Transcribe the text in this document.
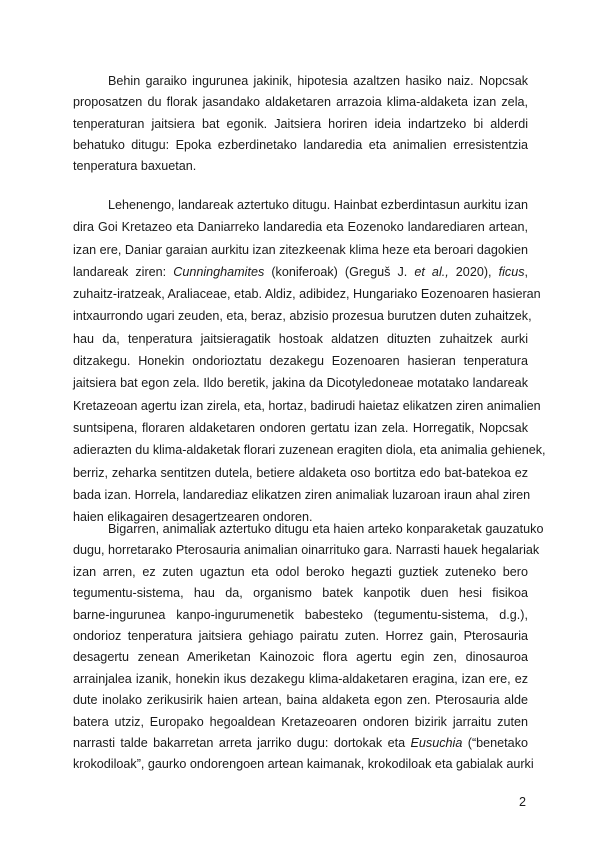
Behin garaiko ingurunea jakinik, hipotesia azaltzen hasiko naiz. Nopcsak
proposatzen du florak jasandako aldaketaren arrazoia klima-aldaketa izan zela,
tenperaturan jaitsiera bat egonik. Jaitsiera horiren ideia indartzeko bi alderdi
behatuko ditugu: Epoka ezberdinetako landaredia eta animalien erresistentzia
tenperatura baxuetan.
Lehenengo, landareak aztertuko ditugu. Hainbat ezberdintasun aurkitu izan
dira Goi Kretazeo eta Daniarreko landaredia eta Eozenoko landarediaren artean,
izan ere, Daniar garaian aurkitu izan zitezkeenak klima heze eta beroari dagokien
landareak ziren: Cunninghamites (koniferoak) (Greguš J. et al., 2020), ficus,
zuhaitz-iratzeak, Araliaceae, etab. Aldiz, adibidez, Hungariako Eozenoaren hasieran
intxaurrondo ugari zeuden, eta, beraz, abzisio prozesua burutzen duten zuhaitzek,
hau da, tenperatura jaitsieragatik hostoak aldatzen dituzten zuhaitzek aurki
ditzakegu. Honekin ondorioztatu dezakegu Eozenoaren hasieran tenperatura
jaitsiera bat egon zela. Ildo beretik, jakina da Dicotyledoneae motatako landareak
Kretazeoan agertu izan zirela, eta, hortaz, badirudi haietaz elikatzen ziren animalien
suntsipena, floraren aldaketaren ondoren gertatu izan zela. Horregatik, Nopcsak
adierazten du klima-aldaketak florari zuzenean eragiten diola, eta animalia gehienek,
berriz, zeharka sentitzen dutela, betiere aldaketa oso bortitza edo bat-batekoa ez
bada izan. Horrela, landarediaz elikatzen ziren animaliak luzaroan iraun ahal ziren
haien elikagairen desagertzearen ondoren.
Bigarren, animaliak aztertuko ditugu eta haien arteko konparaketak gauzatuko
dugu, horretarako Pterosauria animalian oinarrituko gara. Narrasti hauek hegalariak
izan arren, ez zuten ugaztun eta odol beroko hegazti guztiek zuteneko bero
tegumentu-sistema, hau da, organismo batek kanpotik duen hesi fisikoa
barne-ingurunea kanpo-ingurumenetik babesteko (tegumentu-sistema, d.g.),
ondorioz tenperatura jaitsiera gehiago pairatu zuten. Horrez gain, Pterosauria
desagertu zenean Ameriketan Kainozoic flora agertu egin zen, dinosauroa
arrainjalea izanik, honekin ikus dezakegu klima-aldaketaren eragina, izan ere, ez
dute inolako zerikusirik haien artean, baina aldaketa egon zen. Pterosauria alde
batera utziz, Europako hegoaldean Kretazeoaren ondoren bizirik jarraitu zuten
narrasti talde bakarretan arreta jarriko dugu: dortokak eta Eusuchia (“benetako
krokodiloak”, gaurko ondorengoen artean kaimanak, krokodiloak eta gabialak aurki
2
